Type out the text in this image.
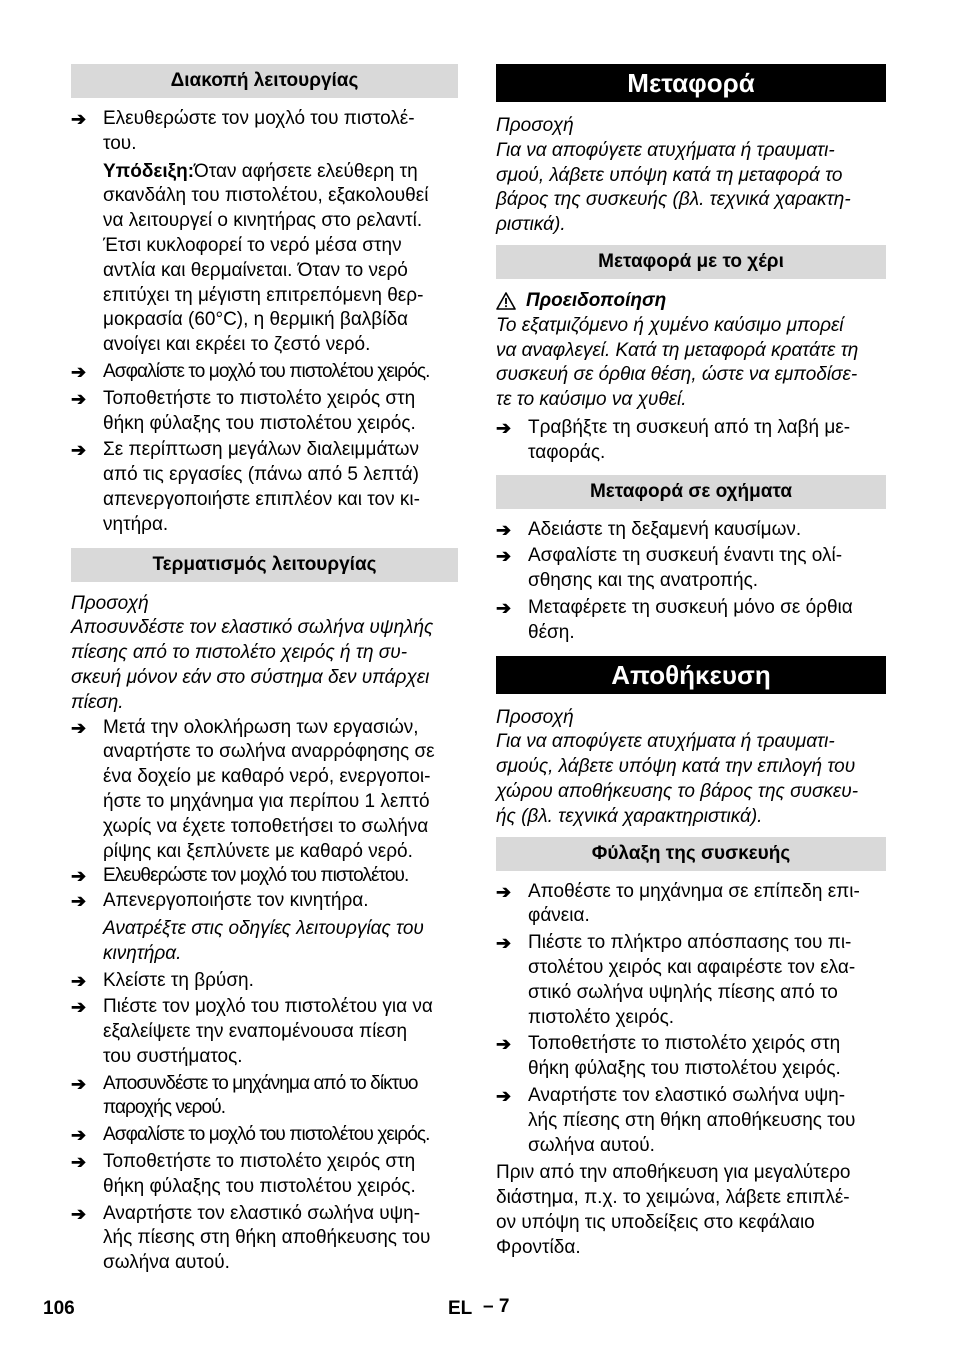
Διακοπή λειτουργίας
➔ Ελευθερώστε τον μοχλό του πιστολέ-
του.

Υπόδειξη:Όταν αφήσετε ελεύθερη τη

σκανδάλη του πιστολέτου, εξακολουθεί

να λειτουργεί ο κινητήρας στο ρελαντί.

Έτσι κυκλοφορεί το νερό μέσα στην

αντλία και θερμαίνεται. Όταν το νερό

επιτύχει τη μέγιστη επιτρεπόμενη θερ-

μοκρασία (60°C), η θερμική βαλβίδα

ανοίγει και εκρέει το ζεστό νερό.

➔ Ασφαλίστε το μοχλό του πιστολέτου χειρός.
➔ Τοποθετήστε το πιστολέτο χειρός στη
θήκη φύλαξης του πιστολέτου χειρός.
➔ Σε περίπτωση μεγάλων διαλειμμάτων
από τις εργασίες (πάνω από 5 λεπτά)
απενεργοποιήστε επιπλέον και τον κι-
νητήρα.
Τερματισμός λειτουργίας

Προσοχή

Αποσυνδέστε τον ελαστικό σωλήνα υψηλής

πίεσης από το πιστολέτο χειρός ή τη συ-

σκευή μόνον εάν στο σύστημα δεν υπάρχει

πίεση.

➔ Μετά την ολοκλήρωση των εργασιών,
αναρτήστε το σωλήνα αναρρόφησης σε
ένα δοχείο με καθαρό νερό, ενεργοποι-
ήστε το μηχάνημα για περίπου 1 λεπτό
χωρίς να έχετε τοποθετήσει το σωλήνα
ρίψης και ξεπλύνετε με καθαρό νερό.
➔ Ελευθερώστε τον μοχλό του πιστολέτου.
➔ Απενεργοποιήστε τον κινητήρα.

Ανατρέξτε στις οδηγίες λειτουργίας του

κινητήρα.

➔ Κλείστε τη βρύση.
➔ Πιέστε τον μοχλό του πιστολέτου για να
εξαλείψετε την εναπομένουσα πίεση
του συστήματος.
➔ Αποσυνδέστε το μηχάνημα από το δίκτυο
παροχής νερού.
➔ Ασφαλίστε το μοχλό του πιστολέτου χειρός.
➔ Τοποθετήστε το πιστολέτο χειρός στη
θήκη φύλαξης του πιστολέτου χειρός.
➔ Αναρτήστε τον ελαστικό σωλήνα υψη-
λής πίεσης στη θήκη αποθήκευσης του
σωλήνα αυτού.
Μεταφορά

Προσοχή

Για να αποφύγετε ατυχήματα ή τραυματι-

σμού, λάβετε υπόψη κατά τη μεταφορά το

βάρος της συσκευής (βλ. τεχνικά χαρακτη-

ριστικά).

Μεταφορά με το χέρι
Προειδοποίηση

Το εξατμιζόμενο ή χυμένο καύσιμο μπορεί

να αναφλεγεί. Κατά τη μεταφορά κρατάτε τη

συσκευή σε όρθια θέση, ώστε να εμποδίσε-

τε το καύσιμο να χυθεί.

➔ Τραβήξτε τη συσκευή από τη λαβή με-
ταφοράς.
Μεταφορά σε οχήματα
➔ Αδειάστε τη δεξαμενή καυσίμων.
➔ Ασφαλίστε τη συσκευή έναντι της ολί-
σθησης και της ανατροπής.
➔ Μεταφέρετε τη συσκευή μόνο σε όρθια
θέση.
Αποθήκευση

Προσοχή

Για να αποφύγετε ατυχήματα ή τραυματι-

σμούς, λάβετε υπόψη κατά την επιλογή του

χώρου αποθήκευσης το βάρος της συσκευ-

ής (βλ. τεχνικά χαρακτηριστικά).

Φύλαξη της συσκευής
➔ Αποθέστε το μηχάνημα σε επίπεδη επι-
φάνεια.
➔ Πιέστε το πλήκτρο απόσπασης του πι-
στολέτου χειρός και αφαιρέστε τον ελα-
στικό σωλήνα υψηλής πίεσης από το
πιστολέτο χειρός.
➔ Τοποθετήστε το πιστολέτο χειρός στη
θήκη φύλαξης του πιστολέτου χειρός.
➔ Αναρτήστε τον ελαστικό σωλήνα υψη-
λής πίεσης στη θήκη αποθήκευσης του
σωλήνα αυτού.

Πριν από την αποθήκευση για μεγαλύτερο

διάστημα, π.χ. το χειμώνα, λάβετε επιπλέ-

ον υπόψη τις υποδείξεις στο κεφάλαιο

Φροντίδα.

106	EL – 7
